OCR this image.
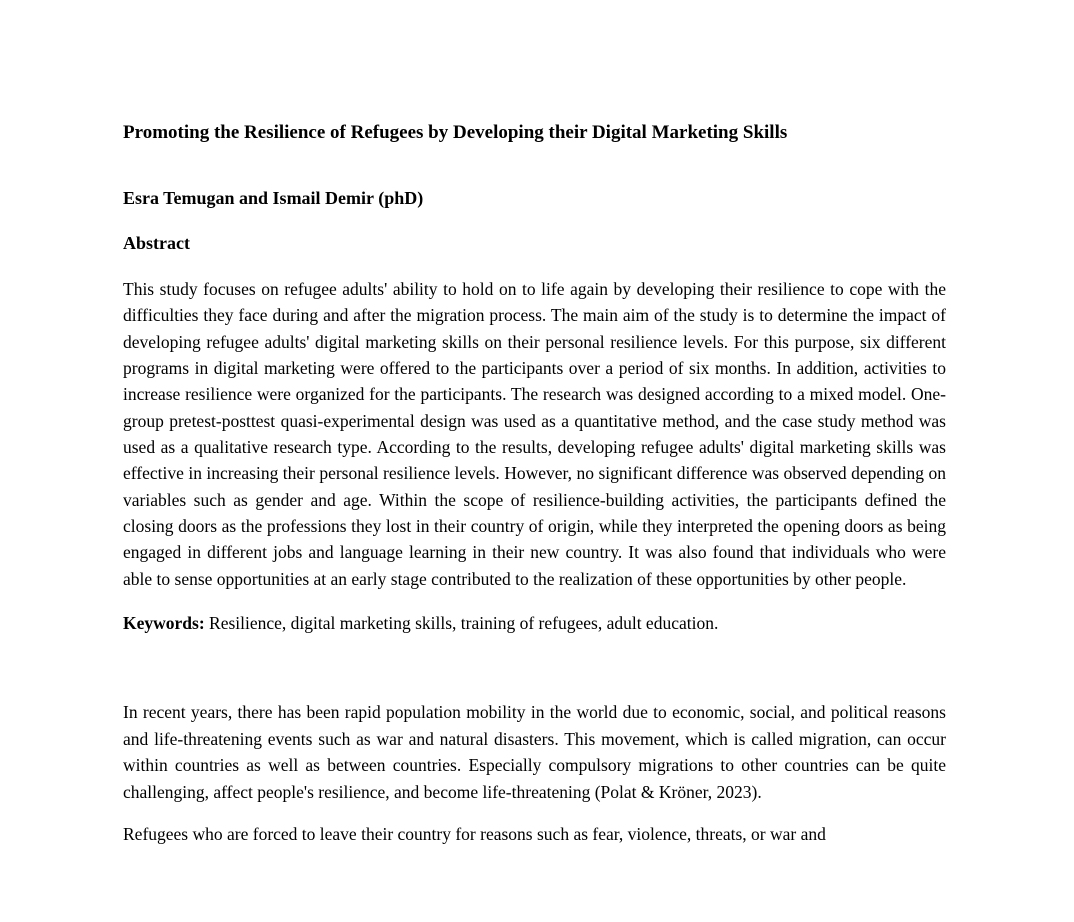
Promoting the Resilience of Refugees by Developing their Digital Marketing Skills

Esra Temugan and Ismail Demir (phD)

Abstract

This study focuses on refugee adults' ability to hold on to life again by developing their resilience to cope with the difficulties they face during and after the migration process. The main aim of the study is to determine the impact of developing refugee adults' digital marketing skills on their personal resilience levels. For this purpose, six different programs in digital marketing were offered to the participants over a period of six months. In addition, activities to increase resilience were organized for the participants. The research was designed according to a mixed model. One-group pretest-posttest quasi-experimental design was used as a quantitative method, and the case study method was used as a qualitative research type. According to the results, developing refugee adults' digital marketing skills was effective in increasing their personal resilience levels. However, no significant difference was observed depending on variables such as gender and age. Within the scope of resilience-building activities, the participants defined the closing doors as the professions they lost in their country of origin, while they interpreted the opening doors as being engaged in different jobs and language learning in their new country. It was also found that individuals who were able to sense opportunities at an early stage contributed to the realization of these opportunities by other people.

Keywords: Resilience, digital marketing skills, training of refugees, adult education.

In recent years, there has been rapid population mobility in the world due to economic, social, and political reasons and life-threatening events such as war and natural disasters. This movement, which is called migration, can occur within countries as well as between countries. Especially compulsory migrations to other countries can be quite challenging, affect people's resilience, and become life-threatening (Polat & Kröner, 2023).

Refugees who are forced to leave their country for reasons such as fear, violence, threats, or war and
